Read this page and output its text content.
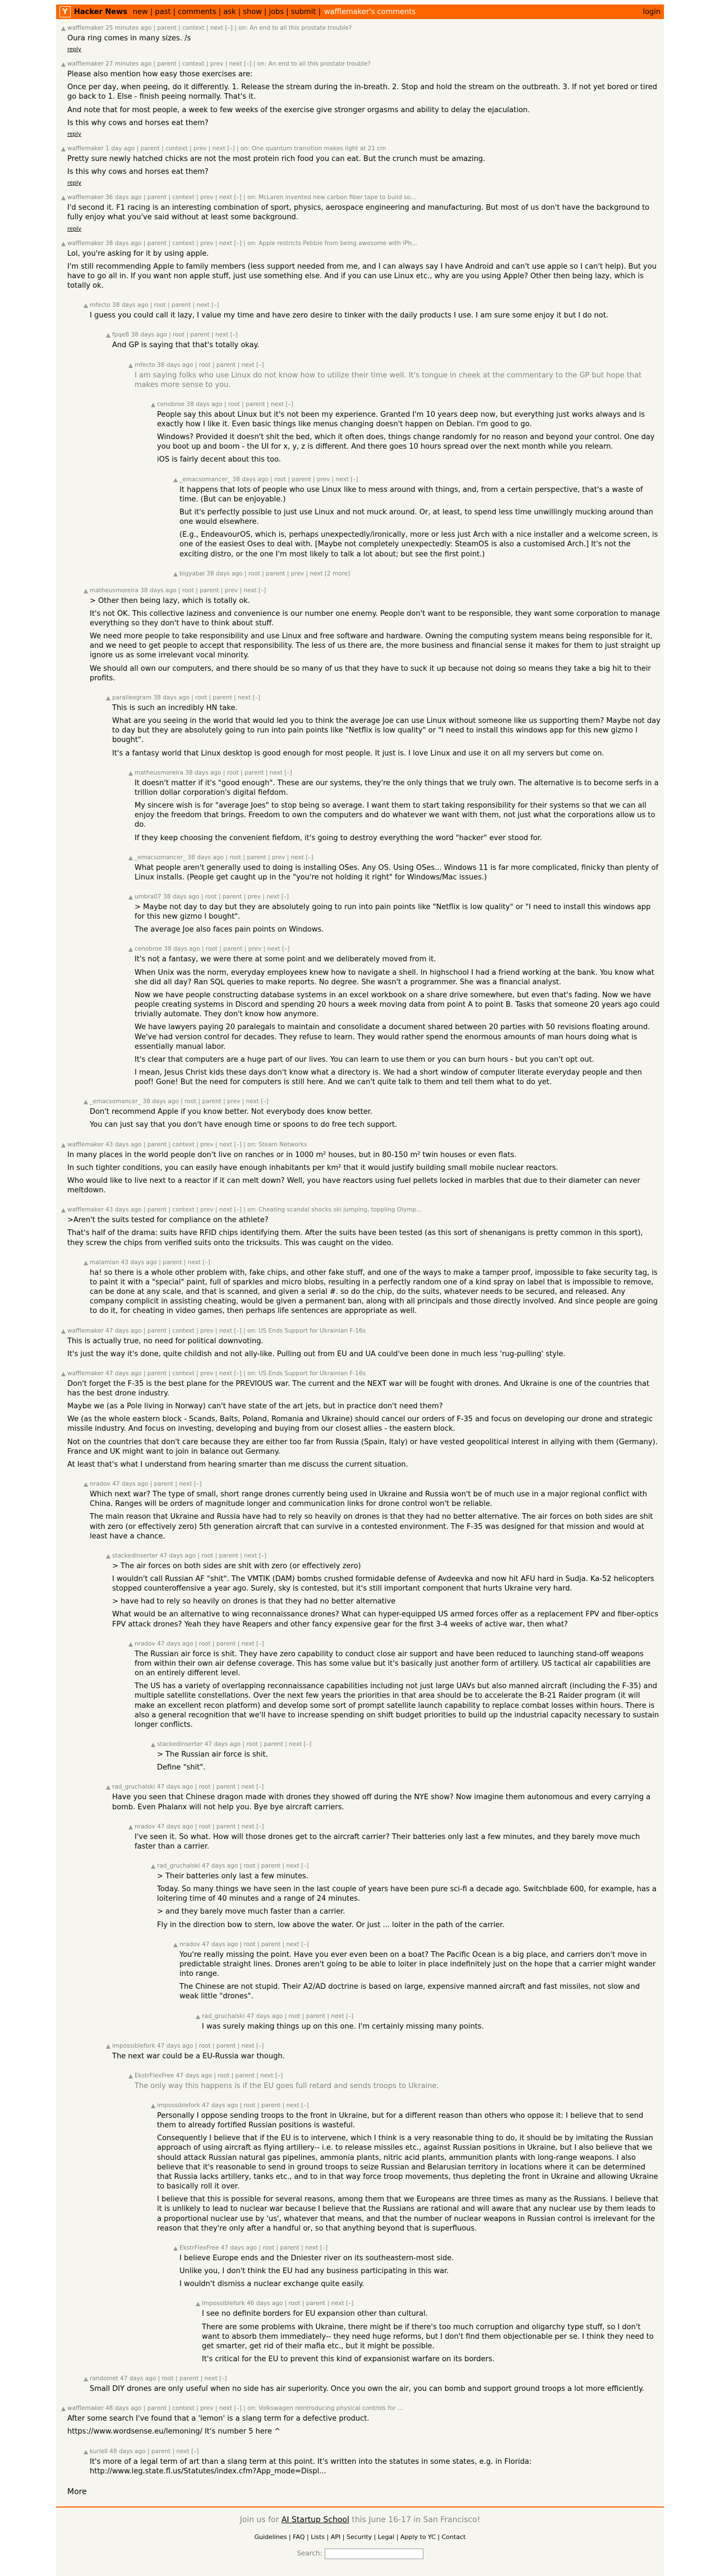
Y Hacker News new | past | comments | ask | show | jobs | submit | wafflemaker's comments	login
wafflemaker 25 minutes ago | parent | context | next [–] | on: An end to all this prostate trouble?

Oura ring comes in many sizes. /s

reply
wafflemaker 27 minutes ago | parent | context | prev | next [–] | on: An end to all this prostate trouble?

Please also mention how easy those exercises are:

Once per day, when peeing, do it differently. 1. Release the stream during the in-breath. 2. Stop and hold the stream on the outbreath. 3. If not yet bored or tired go back to 1. Else - finish peeing normally. That's it.

And note that for most people, a week to few weeks of the exercise give stronger orgasms and ability to delay the ejaculation.

Is this why cows and horses eat them?

reply
wafflemaker 1 day ago | parent | context | prev | next [–] | on: One quantum transition makes light at 21 cm

Pretty sure newly hatched chicks are not the most protein rich food you can eat. But the crunch must be amazing.

Is this why cows and horses eat them?

reply
wafflemaker 36 days ago | parent | context | prev | next [–] | on: McLaren invented new carbon fiber tape to build so...

I'd second it. F1 racing is an interesting combination of sport, physics, aerospace engineering and manufacturing. But most of us don't have the background to fully enjoy what you've said without at least some background.

reply
wafflemaker 38 days ago | parent | context | prev | next [–] | on: Apple restricts Pebble from being awesome with iPh...

Lol, you're asking for it by using apple.

I'm still recommending Apple to family members (less support needed from me, and I can always say I have Android and can't use apple so I can't help). But you have to go all in. If you want non apple stuff, just use something else. And if you can use Linux etc., why are you using Apple? Other then being lazy, which is totally ok.

mfecto 38 days ago | root | parent | next [–]

I guess you could call it lazy, I value my time and have zero desire to tinker with the daily products I use. I am sure some enjoy it but I do not.

fpqe8 38 days ago | root | parent | next [–]

And GP is saying that that's totally okay.

mfecto 38 days ago | root | parent | next [–]

I am saying folks who use Linux do not know how to utilize their time well. It's tongue in cheek at the commentary to the GP but hope that makes more sense to you.

cenobroe 38 days ago | root | parent | next [–]

People say this about Linux but it's not been my experience. Granted I'm 10 years deep now, but everything just works always and is exactly how I like it. Even basic things like menus changing doesn't happen on Debian. I'm good to go.

Windows? Provided it doesn't shit the bed, which it often does, things change randomly for no reason and beyond your control. One day you boot up and boom - the UI for x, y, z is different. And there goes 10 hours spread over the next month while you relearn.

iOS is fairly decent about this too.

_emacsomancer_ 38 days ago | root | parent | prev | next [–]

It happens that lots of people who use Linux like to mess around with things, and, from a certain perspective, that's a waste of time. (But can be enjoyable.)

But it's perfectly possible to just use Linux and not muck around. Or, at least, to spend less time unwillingly mucking around than one would elsewhere.

(E.g., EndeavourOS, which is, perhaps unexpectedly/ironically, more or less just Arch with a nice installer and a welcome screen, is one of the easiest Oses to deal with. [Maybe not completely unexpectedly: SteamOS is also a customised Arch.] It's not the exciting distro, or the one I'm most likely to talk a lot about; but see the first point.)

bigyabai 38 days ago | root | parent | prev | next [2 more]
matheusmoreira 38 days ago | root | parent | prev | next [–]

> Other then being lazy, which is totally ok.

It's not OK. This collective laziness and convenience is our number one enemy. People don't want to be responsible, they want some corporation to manage everything so they don't have to think about stuff.

We need more people to take responsibility and use Linux and free software and hardware. Owning the computing system means being responsible for it, and we need to get people to accept that responsibility. The less of us there are, the more business and financial sense it makes for them to just straight up ignore us as some irrelevant vocal minority.

We should all own our computers, and there should be so many of us that they have to suck it up because not doing so means they take a big hit to their profits.

paralleogram 38 days ago | root | parent | next [–]

This is such an incredibly HN take.

What are you seeing in the world that would led you to think the average Joe can use Linux without someone like us supporting them? Maybe not day to day but they are absolutely going to run into pain points like "Netflix is low quality" or "I need to install this windows app for this new gizmo I bought".

It's a fantasy world that Linux desktop is good enough for most people. It just is. I love Linux and use it on all my servers but come on.

matheusmoreira 38 days ago | root | parent | next [–]

It doesn't matter if it's "good enough". These are our systems, they're the only things that we truly own. The alternative is to become serfs in a trillion dollar corporation's digital fiefdom.

My sincere wish is for "average Joes" to stop being so average. I want them to start taking responsibility for their systems so that we can all enjoy the freedom that brings. Freedom to own the computers and do whatever we want with them, not just what the corporations allow us to do.

If they keep choosing the convenient fiefdom, it's going to destroy everything the word "hacker" ever stood for.

_emacsomancer_ 38 days ago | root | parent | prev | next [–]

What people aren't generally used to doing is installing OSes. Any OS. Using OSes... Windows 11 is far more complicated, finicky than plenty of Linux installs. (People get caught up in the "you're not holding it right" for Windows/Mac issues.)

umbra07 38 days ago | root | parent | prev | next [–]

> Maybe not day to day but they are absolutely going to run into pain points like "Netflix is low quality" or "I need to install this windows app for this new gizmo I bought".

The average Joe also faces pain points on Windows.

cenobroe 38 days ago | root | parent | prev | next [–]

It's not a fantasy, we were there at some point and we deliberately moved from it.

When Unix was the norm, everyday employees knew how to navigate a shell. In highschool I had a friend working at the bank. You know what she did all day? Ran SQL queries to make reports. No degree. She wasn't a programmer. She was a financial analyst.

Now we have people constructing database systems in an excel workbook on a share drive somewhere, but even that's fading. Now we have people creating systems in Discord and spending 20 hours a week moving data from point A to point B. Tasks that someone 20 years ago could trivially automate. They don't know how anymore.

We have lawyers paying 20 paralegals to maintain and consolidate a document shared between 20 parties with 50 revisions floating around. We've had version control for decades. They refuse to learn. They would rather spend the enormous amounts of man hours doing what is essentially manual labor.

It's clear that computers are a huge part of our lives. You can learn to use them or you can burn hours - but you can't opt out.

I mean, Jesus Christ kids these days don't know what a directory is. We had a short window of computer literate everyday people and then poof! Gone! But the need for computers is still here. And we can't quite talk to them and tell them what to do yet.

_emacsomancer_ 38 days ago | root | parent | prev | next [–]

Don't recommend Apple if you know better. Not everybody does know better.

You can just say that you don't have enough time or spoons to do free tech support.

wafflemaker 43 days ago | parent | context | prev | next [–] | on: Steam Networks

In many places in the world people don't live on ranches or in 1000 m² houses, but in 80-150 m² twin houses or even flats.

In such tighter conditions, you can easily have enough inhabitants per km² that it would justify building small mobile nuclear reactors.

Who would like to live next to a reactor if it can melt down? Well, you have reactors using fuel pellets locked in marbles that due to their diameter can never meltdown.

wafflemaker 43 days ago | parent | context | prev | next [–] | on: Cheating scandal shocks ski jumping, toppling Olymp...

>Aren't the suits tested for compliance on the athlete?

That's half of the drama: suits have RFID chips identifying them. After the suits have been tested (as this sort of shenanigans is pretty common in this sport), they screw the chips from verified suits onto the tricksuits. This was caught on the video.

malamian 43 days ago | parent | next [–]

ha! so there is a whole other problem with, fake chips, and other fake stuff, and one of the ways to make a tamper proof, impossible to fake security tag, is to paint it with a "special" paint, full of sparkles and micro blobs, resulting in a perfectly random one of a kind spray on label that is impossible to remove, can be done at any scale, and that is scanned, and given a serial #. so do the chip, do the suits, whatever needs to be secured, and released. Any company complicit in assisting cheating, would be given a permanent ban, along with all principals and those directly involved. And since people are going to do it, for cheating in video games, then perhaps life sentences are appropriate as well.

wafflemaker 47 days ago | parent | context | prev | next [–] | on: US Ends Support for Ukrainian F-16s

This is actually true, no need for political downvoting.

It's just the way it's done, quite childish and not ally-like. Pulling out from EU and UA could've been done in much less 'rug-pulling' style.

wafflemaker 47 days ago | parent | context | prev | next [–] | on: US Ends Support for Ukrainian F-16s

Don't forget the F-35 is the best plane for the PREVIOUS war. The current and the NEXT war will be fought with drones. And Ukraine is one of the countries that has the best drone industry.

Maybe we (as a Pole living in Norway) can't have state of the art jets, but in practice don't need them?

We (as the whole eastern block - Scands, Balts, Poland, Romania and Ukraine) should cancel our orders of F-35 and focus on developing our drone and strategic missile industry. And focus on investing, developing and buying from our closest allies - the eastern block.

Not on the countries that don't care because they are either too far from Russia (Spain, Italy) or have vested geopolitical interest in allying with them (Germany). France and UK might want to join in balance out Germany.

At least that's what I understand from hearing smarter than me discuss the current situation.

nradov 47 days ago | parent | next [–]

Which next war? The type of small, short range drones currently being used in Ukraine and Russia won't be of much use in a major regional conflict with China. Ranges will be orders of magnitude longer and communication links for drone control won't be reliable.

The main reason that Ukraine and Russia have had to rely so heavily on drones is that they had no better alternative. The air forces on both sides are shit with zero (or effectively zero) 5th generation aircraft that can survive in a contested environment. The F-35 was designed for that mission and would at least have a chance.

stackedinserter 47 days ago | root | parent | next [–]

> The air forces on both sides are shit with zero (or effectively zero)

I wouldn't call Russian AF "shit". The VMTIK (DAM) bombs crushed formidable defense of Avdeevka and now hit AFU hard in Sudja. Ka-52 helicopters stopped counteroffensive a year ago. Surely, sky is contested, but it's still important component that hurts Ukraine very hard.

> have had to rely so heavily on drones is that they had no better alternative

What would be an alternative to wing reconnaissance drones? What can hyper-equipped US armed forces offer as a replacement FPV and fiber-optics FPV attack drones? Yeah they have Reapers and other fancy expensive gear for the first 3-4 weeks of active war, then what?

nradov 47 days ago | root | parent | next [–]

The Russian air force is shit. They have zero capability to conduct close air support and have been reduced to launching stand-off weapons from within their own air defense coverage. This has some value but it's basically just another form of artillery. US tactical air capabilities are on an entirely different level.

The US has a variety of overlapping reconnaissance capabilities including not just large UAVs but also manned aircraft (including the F-35) and multiple satellite constellations. Over the next few years the priorities in that area should be to accelerate the B-21 Raider program (it will make an excellent recon platform) and develop some sort of prompt satellite launch capability to replace combat losses within hours. There is also a general recognition that we'll have to increase spending on shift budget priorities to build up the industrial capacity necessary to sustain longer conflicts.

stackedinserter 47 days ago | root | parent | next [–]

> The Russian air force is shit.

Define "shit".

rad_gruchalski 47 days ago | root | parent | next [–]

Have you seen that Chinese dragon made with drones they showed off during the NYE show? Now imagine them autonomous and every carrying a bomb. Even Phalanx will not help you. Bye bye aircraft carriers.

nradov 47 days ago | root | parent | next [–]

I've seen it. So what. How will those drones get to the aircraft carrier? Their batteries only last a few minutes, and they barely move much faster than a carrier.

rad_gruchalski 47 days ago | root | parent | next [–]

> Their batteries only last a few minutes.

Today. So many things we have seen in the last couple of years have been pure sci-fi a decade ago. Switchblade 600, for example, has a loitering time of 40 minutes and a range of 24 minutes.

> and they barely move much faster than a carrier.

Fly in the direction bow to stern, low above the water. Or just ... loiter in the path of the carrier.

nradov 47 days ago | root | parent | next [–]

You're really missing the point. Have you ever even been on a boat? The Pacific Ocean is a big place, and carriers don't move in predictable straight lines. Drones aren't going to be able to loiter in place indefinitely just on the hope that a carrier might wander into range.

The Chinese are not stupid. Their A2/AD doctrine is based on large, expensive manned aircraft and fast missiles, not slow and weak little "drones".

rad_gruchalski 47 days ago | root | parent | next [–]

I was surely making things up on this one. I'm certainly missing many points.

impossiblefork 47 days ago | root | parent | next [–]

The next war could be a EU-Russia war though.

EkstrFlexFree 47 days ago | root | parent | next [–]

The only way this happens is if the EU goes full retard and sends troops to Ukraine.

impossiblefork 47 days ago | root | parent | next [–]

Personally I oppose sending troops to the front in Ukraine, but for a different reason than others who oppose it: I believe that to send them to already fortified Russian positions is wasteful.

Consequently I believe that if the EU is to intervene, which I think is a very reasonable thing to do, it should be by imitating the Russian approach of using aircraft as flying artillery-- i.e. to release missiles etc., against Russian positions in Ukraine, but I also believe that we should attack Russian natural gas pipelines, ammonia plants, nitric acid plants, ammunition plants with long-range weapons. I also believe that it's reasonable to send in ground troops to seize Russian and Belarusian territory in locations where it can be determined that Russia lacks artillery, tanks etc., and to in that way force troop movements, thus depleting the front in Ukraine and allowing Ukraine to basically roll it over.

I believe that this is possible for several reasons, among them that we Europeans are three times as many as the Russians. I believe that it is unlikely to lead to nuclear war because I believe that the Russians are rational and will aware that any nuclear use by them leads to a proportional nuclear use by 'us', whatever that means, and that the number of nuclear weapons in Russian control is irrelevant for the reason that they're only after a handful or, so that anything beyond that is superfluous.

EkstrFlexFree 47 days ago | root | parent | next [–]

I believe Europe ends and the Dniester river on its southeastern-most side.

Unlike you, I don't think the EU had any business participating in this war.

I wouldn't dismiss a nuclear exchange quite easily.

impossiblefork 46 days ago | root | parent | next [–]

I see no definite borders for EU expansion other than cultural.

There are some problems with Ukraine, there might be if there's too much corruption and oligarchy type stuff, so I don't want to absorb them immediately-- they need huge reforms, but I don't find them objectionable per se. I think they need to get smarter, get rid of their mafia etc., but it might be possible.

It's critical for the EU to prevent this kind of expansionist warfare on its borders.

randoinet 47 days ago | root | parent | next [–]

Small DIY drones are only useful when no side has air superiority. Once you own the air, you can bomb and support ground troops a lot more efficiently.

wafflemaker 48 days ago | parent | context | prev | next [–] | on: Volkswagen reintroducing physical controls for ...

After some search I've found that a 'lemon' is a slang term for a defective product.

https://www.wordsense.eu/lemoning/ It's number 5 here ^

kurlell 48 days ago | parent | next [–]

It's more of a legal term of art than a slang term at this point. It's written into the statutes in some states, e.g. in Florida: http://www.leg.state.fl.us/Statutes/index.cfm?App_mode=Displ...

More
Join us for AI Startup School this June 16-17 in San Francisco!
Guidelines | FAQ | Lists | API | Security | Legal | Apply to YC | Contact
Search:
